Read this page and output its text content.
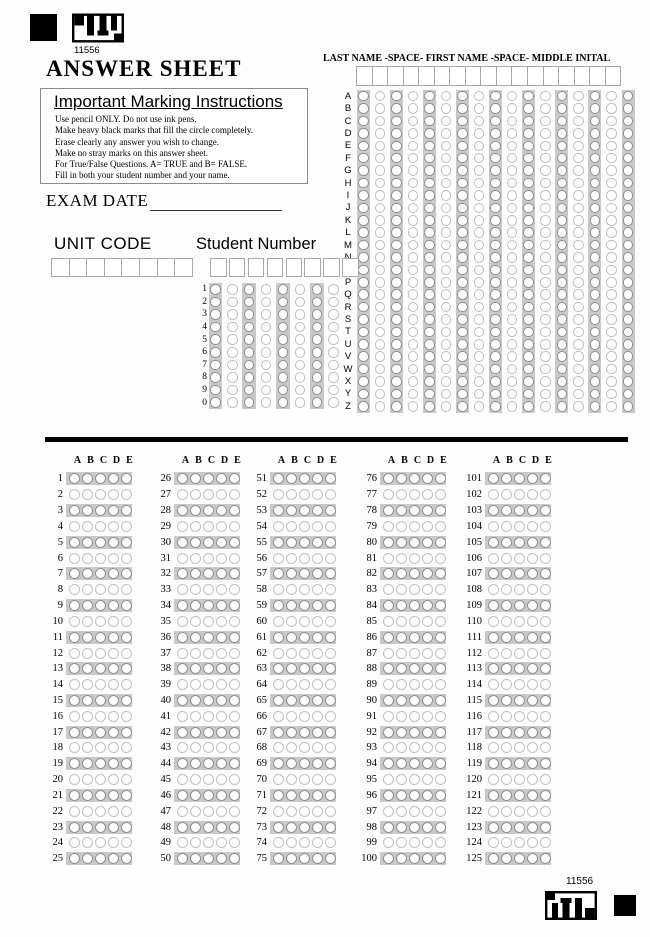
11556
ANSWER SHEET	LAST NAME -SPACE- FIRST NAME -SPACE- MIDDLE INITAL
A
B
C
D
E
F
G
H
I
J
K
L
M
P
Q
R
S
T
U
V
W
X
Y
Z
Important Marking Instructions
Use pencil ONLY. Do not use ink pens.
Make heavy black marks that fill the circle completely.
Erase clearly any answer you wish to change.
Make no stray marks on this answer sheet.
For True/False Questions. A= TRUE and B= FALSE.
Fill in both your student number and your name.
EXAM DATE
UNIT CODE	Student Number
1
2
3
4
5
6
7
8
9
0
A B C D E
1
2
3
4
5
6
7
8
9
10
11
12
13
14
15
16
17
18
19
20
21
22
23
24
25
A B C D E
26
27
28
29
30
31
32
33
34
35
36
37
38
39
40
41
42
43
44
45
46
47
48
49
50
A B C D E
51
52
53
54
55
56
57
58
59
60
61
62
63
64
65
66
67
68
69
70
71
72
73
74
75
A B C D E
76
77
78
79
80
81
82
83
84
85
86
87
88
89
90
91
92
93
94
95
96
97
98
99
100
A B C D E
101
102
103
104
105
106
107
108
109
110
111
112
113
114
115
116
117
118
119
120
121
122
123
124
125
11556
